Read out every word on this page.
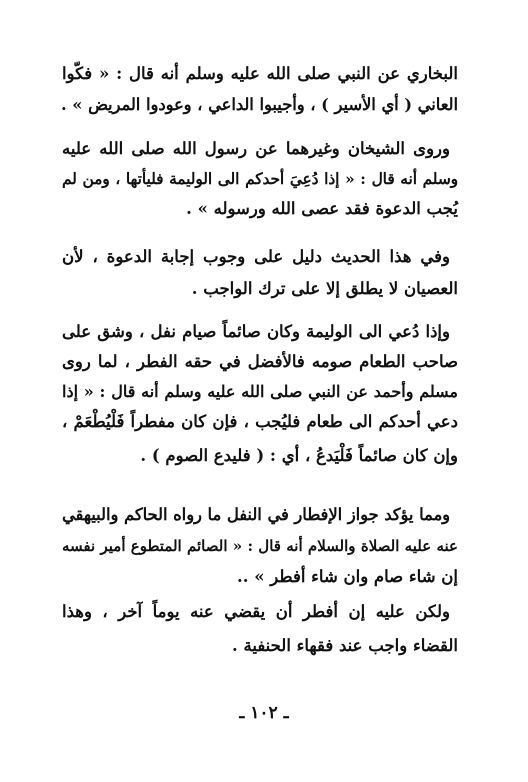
البخاري عن النبي صلى الله عليه وسلم أنه قال : « فكّوا
العاني ( أي الأسير ) ، وأجيبوا الداعي ، وعودوا المريض » .
وروى الشيخان وغيرهما عن رسول الله صلى الله عليه
وسلم أنه قال : « إذا دُعِيَ أحدكم الى الوليمة فليأتها ، ومن لم
يُجب الدعوة فقد عصى الله ورسوله » .
وفي هذا الحديث دليل على وجوب إجابة الدعوة ، لأن
العصيان لا يطلق إلا على ترك الواجب .
وإذا دُعي الى الوليمة وكان صائماً صيام نفل ، وشق على
صاحب الطعام صومه فالأفضل في حقه الفطر ، لما روى
مسلم وأحمد عن النبي صلى الله عليه وسلم أنه قال : « إذا
دعي أحدكم الى طعام فليُجب ، فإن كان مفطراً فَلْيُطْعَمْ ،
وإن كان صائماً فَلْيَدعُ ، أي : ( فليدع الصوم ) .
ومما يؤكد جواز الإفطار في النفل ما رواه الحاكم والبيهقي
عنه عليه الصلاة والسلام أنه قال : « الصائم المتطوع أمير نفسه
إن شاء صام وان شاء أفطر » ..
ولكن عليه إن أفطر أن يقضي عنه يوماً آخر ، وهذا
القضاء واجب عند فقهاء الحنفية .
ـ ١٠٢ ـ
